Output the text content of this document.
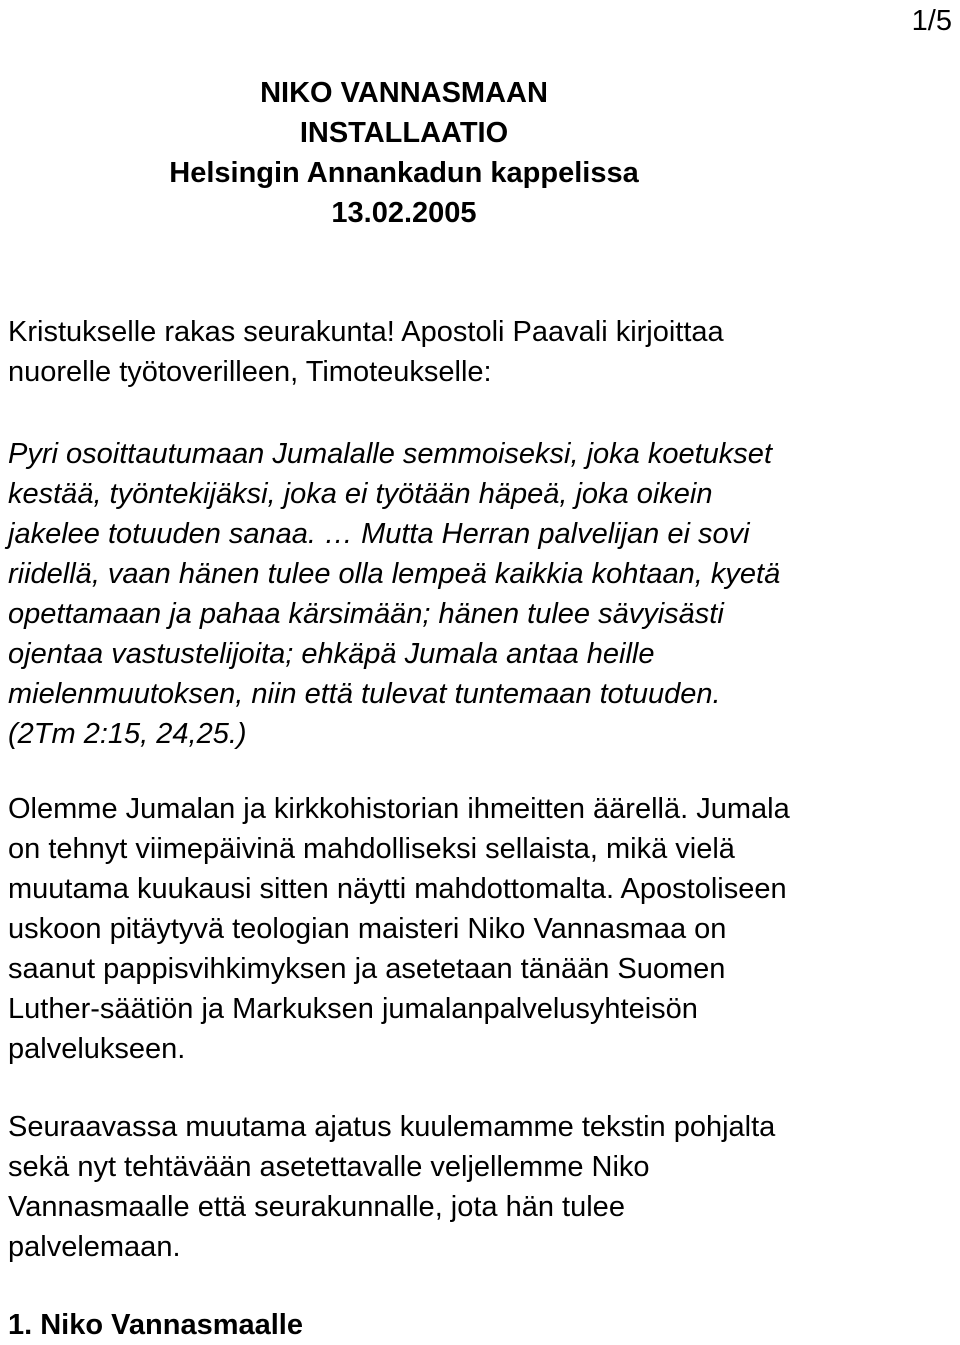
1/5
NIKO VANNASMAAN
INSTALLAATIO
Helsingin Annankadun kappelissa
13.02.2005

Kristukselle rakas seurakunta! Apostoli Paavali kirjoittaa

nuorelle työtoverilleen, Timoteukselle:

Pyri osoittautumaan Jumalalle semmoiseksi, joka koetukset

kestää, työntekijäksi, joka ei työtään häpeä, joka oikein

jakelee totuuden sanaa. … Mutta Herran palvelijan ei sovi

riidellä, vaan hänen tulee olla lempeä kaikkia kohtaan, kyetä

opettamaan ja pahaa kärsimään; hänen tulee sävyisästi

ojentaa vastustelijoita; ehkäpä Jumala antaa heille

mielenmuutoksen, niin että tulevat tuntemaan totuuden.

(2Tm 2:15, 24,25.)

Olemme Jumalan ja kirkkohistorian ihmeitten äärellä. Jumala

on tehnyt viimepäivinä mahdolliseksi sellaista, mikä vielä

muutama kuukausi sitten näytti mahdottomalta. Apostoliseen

uskoon pitäytyvä teologian maisteri Niko Vannasmaa on

saanut pappisvihkimyksen ja asetetaan tänään Suomen

Luther-säätiön ja Markuksen jumalanpalvelusyhteisön

palvelukseen.

Seuraavassa muutama ajatus kuulemamme tekstin pohjalta

sekä nyt tehtävään asetettavalle veljellemme Niko

Vannasmaalle että seurakunnalle, jota hän tulee

palvelemaan.

1. Niko Vannasmaalle
